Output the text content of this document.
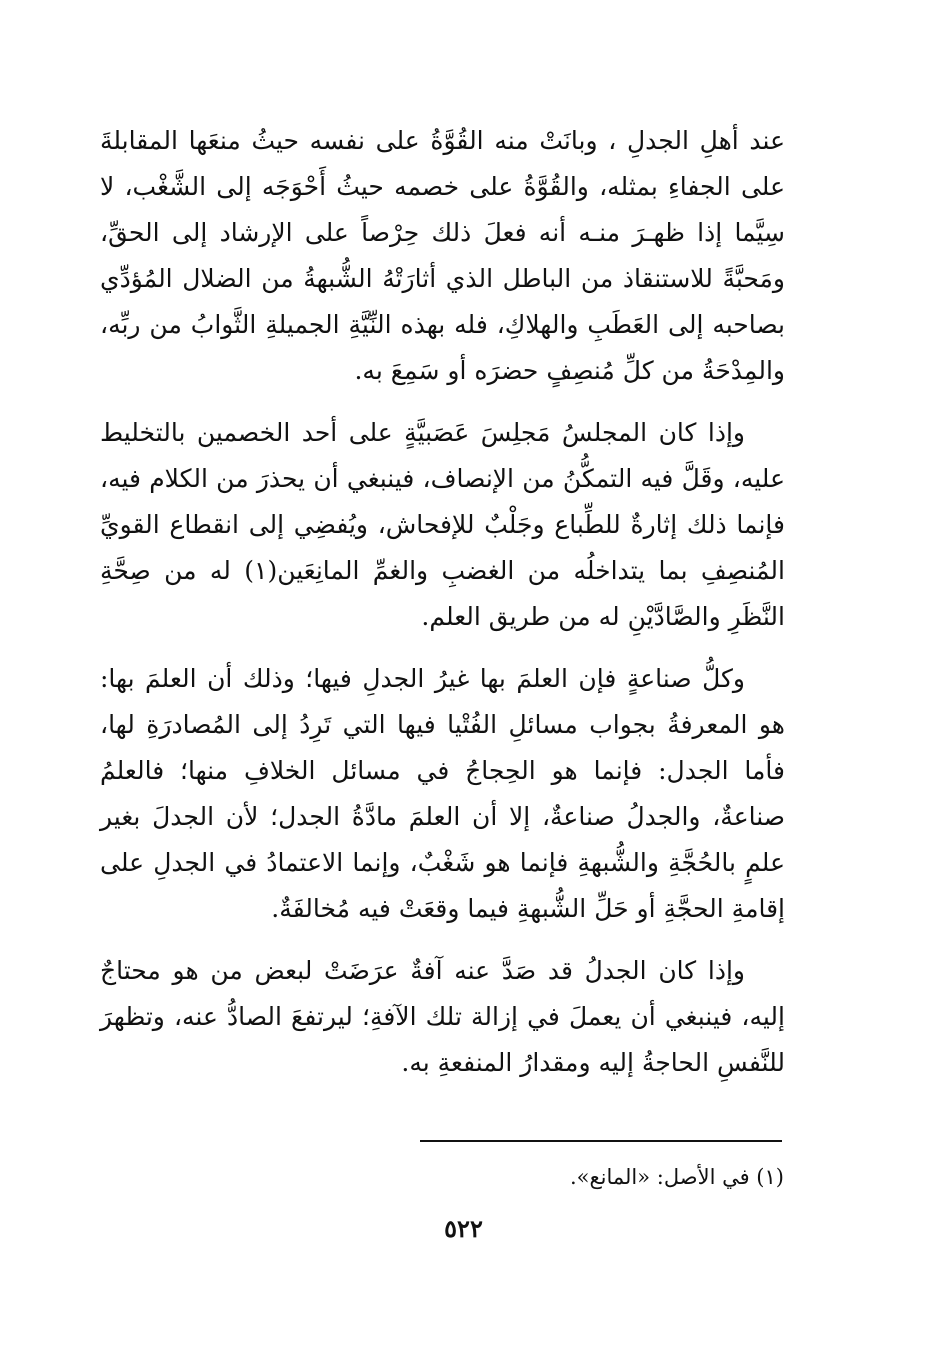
عند أهلِ الجدلِ ، وبانَتْ منه القُوَّةُ على نفسه حيثُ منعَها المقابلةَ على الجفاءِ بمثله، والقُوَّةُ على خصمه حيثُ أَحْوَجَه إلى الشَّغْب، لا سِيَّما إذا ظهـرَ منـه أنه فعلَ ذلك حِرْصاً على الإرشاد إلى الحقِّ، ومَحبَّةً للاستنقاذ من الباطل الذي أثارَتْهُ الشُّبهةُ من الضلال المُؤدِّي بصاحبه إلى العَطَبِ والهلاكِ، فله بهذه النِّيَّةِ الجميلةِ الثَّوابُ من ربِّه، والمِدْحَةُ من كلِّ مُنصِفٍ حضرَه أو سَمِعَ به.

وإذا كان المجلسُ مَجلِسَ عَصَبيَّةٍ على أحد الخصمين بالتخليط عليه، وقَلَّ فيه التمكُّنُ من الإنصاف، فينبغي أن يحذرَ من الكلام فيه، فإنما ذلك إثارةٌ للطِّباع وجَلْبٌ للإفحاش، ويُفضِي إلى انقطاع القويِّ المُنصِفِ بما يتداخلُه من الغضبِ والغمِّ المانِعَين(١) له من صِحَّةِ النَّظَرِ والصَّادَّيْنِ له من طريق العلم.

وكلُّ صناعةٍ فإن العلمَ بها غيرُ الجدلِ فيها؛ وذلك أن العلمَ بها: هو المعرفةُ بجواب مسائلِ الفُتْيا فيها التي تَرِدُ إلى المُصادرَةِ لها، فأما الجدل: فإنما هو الحِجاجُ في مسائل الخلافِ منها؛ فالعلمُ صناعةٌ، والجدلُ صناعةٌ، إلا أن العلمَ مادَّةُ الجدل؛ لأن الجدلَ بغير علمٍ بالحُجَّةِ والشُّبهةِ فإنما هو شَغْبٌ، وإنما الاعتمادُ في الجدلِ على إقامةِ الحجَّةِ أو حَلِّ الشُّبهةِ فيما وقعَتْ فيه مُخالفَةٌ.

وإذا كان الجدلُ قد صَدَّ عنه آفةٌ عرَضَتْ لبعض من هو محتاجٌ إليه، فينبغي أن يعملَ في إزالة تلك الآفةِ؛ ليرتفعَ الصادُّ عنه، وتظهرَ للنَّفسِ الحاجةُ إليه ومقدارُ المنفعةِ به.

(١) في الأصل: «المانع».
٥٢٢
